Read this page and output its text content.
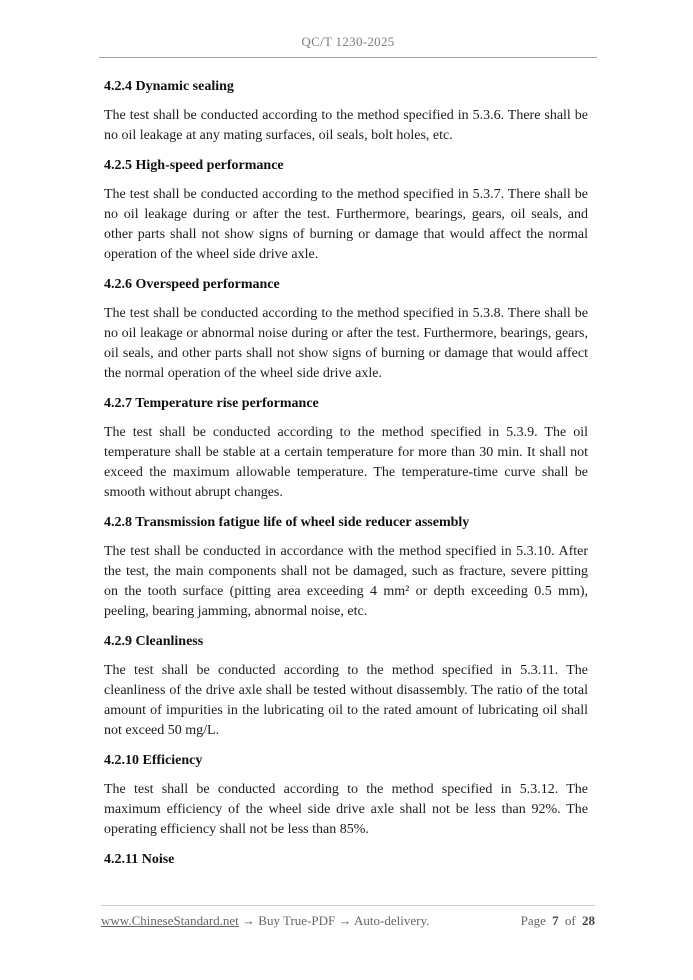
QC/T 1230-2025
4.2.4 Dynamic sealing

The test shall be conducted according to the method specified in 5.3.6. There shall be no oil leakage at any mating surfaces, oil seals, bolt holes, etc.

4.2.5 High-speed performance

The test shall be conducted according to the method specified in 5.3.7. There shall be no oil leakage during or after the test. Furthermore, bearings, gears, oil seals, and other parts shall not show signs of burning or damage that would affect the normal operation of the wheel side drive axle.

4.2.6 Overspeed performance

The test shall be conducted according to the method specified in 5.3.8. There shall be no oil leakage or abnormal noise during or after the test. Furthermore, bearings, gears, oil seals, and other parts shall not show signs of burning or damage that would affect the normal operation of the wheel side drive axle.

4.2.7 Temperature rise performance

The test shall be conducted according to the method specified in 5.3.9. The oil temperature shall be stable at a certain temperature for more than 30 min. It shall not exceed the maximum allowable temperature. The temperature-time curve shall be smooth without abrupt changes.

4.2.8 Transmission fatigue life of wheel side reducer assembly

The test shall be conducted in accordance with the method specified in 5.3.10. After the test, the main components shall not be damaged, such as fracture, severe pitting on the tooth surface (pitting area exceeding 4 mm² or depth exceeding 0.5 mm), peeling, bearing jamming, abnormal noise, etc.

4.2.9 Cleanliness

The test shall be conducted according to the method specified in 5.3.11. The cleanliness of the drive axle shall be tested without disassembly. The ratio of the total amount of impurities in the lubricating oil to the rated amount of lubricating oil shall not exceed 50 mg/L.

4.2.10 Efficiency

The test shall be conducted according to the method specified in 5.3.12. The maximum efficiency of the wheel side drive axle shall not be less than 92%. The operating efficiency shall not be less than 85%.

4.2.11 Noise
www.ChineseStandard.net → Buy True-PDF → Auto-delivery.	Page 7 of 28
